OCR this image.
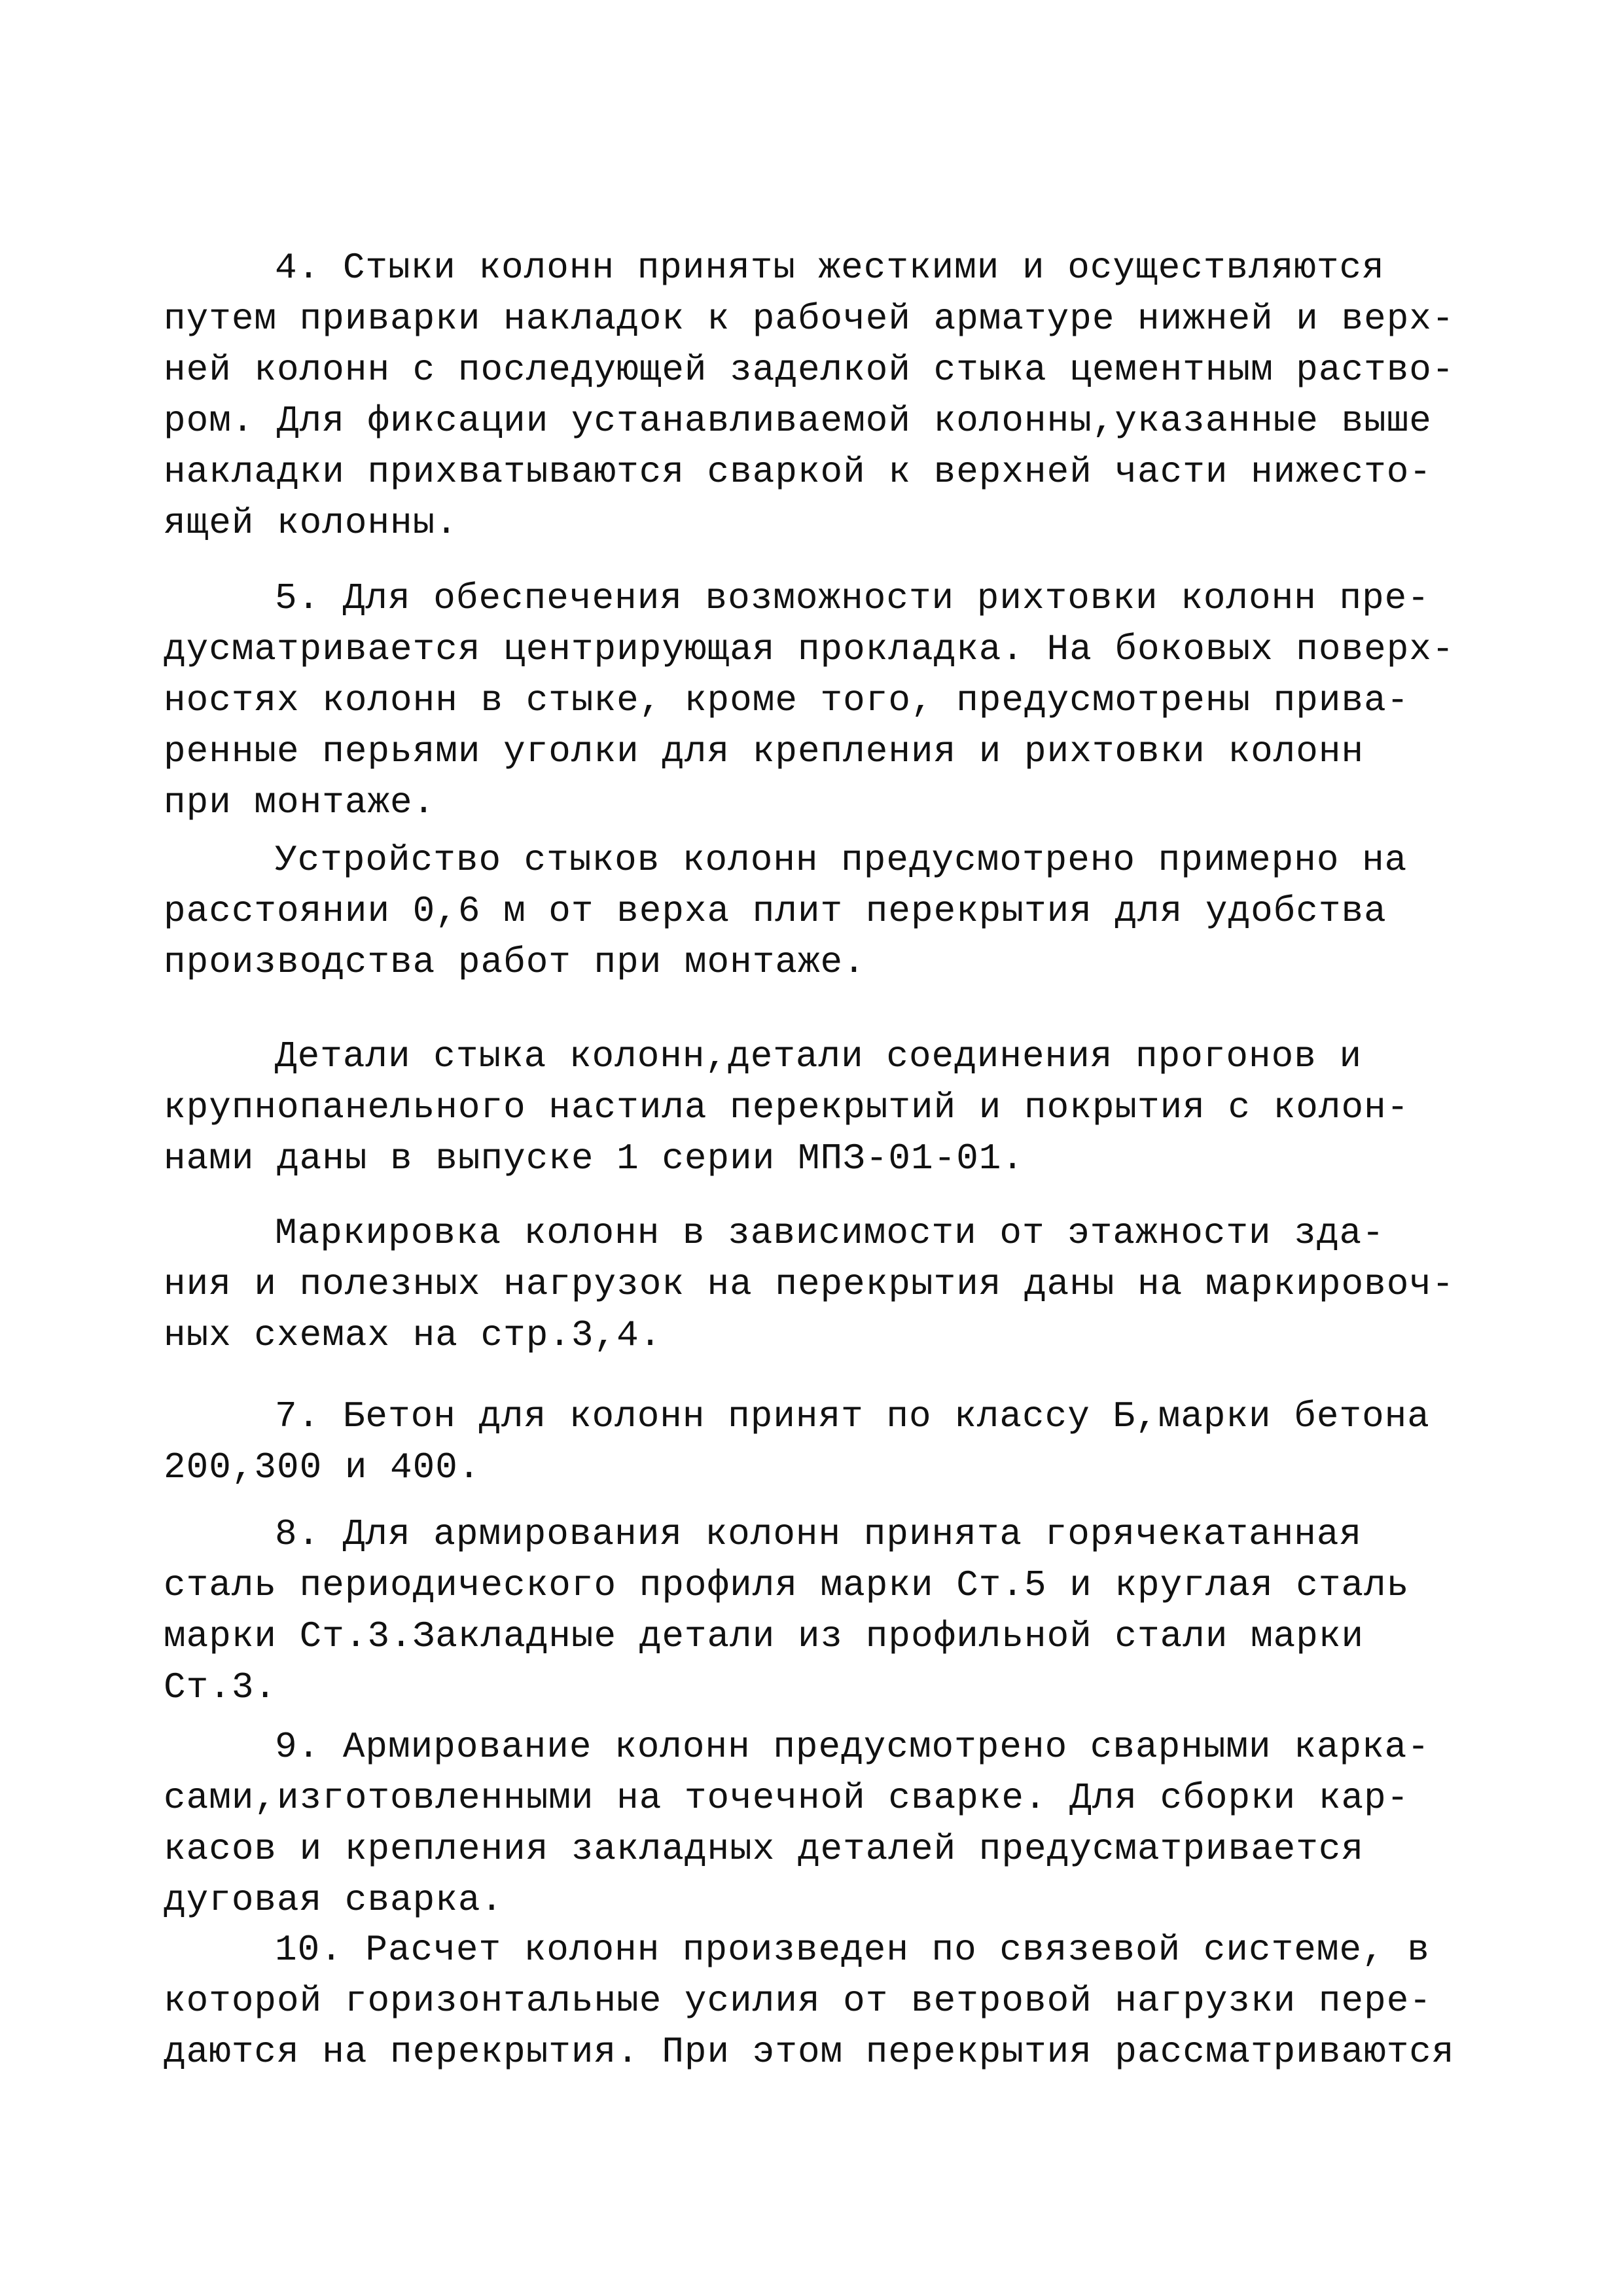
4. Стыки колонн приняты жесткими и осуществляются
путем приварки накладок к рабочей арматуре нижней и верх-
ней колонн с последующей заделкой стыка цементным раство-
ром. Для фиксации устанавливаемой колонны,указанные выше
накладки прихватываются сваркой к верхней части нижесто-
ящей колонны.
5. Для обеспечения возможности рихтовки колонн пре-
дусматривается центрирующая прокладка. На боковых поверх-
ностях колонн в стыке, кроме того, предусмотрены прива-
ренные перьями уголки для крепления и рихтовки колонн
при монтаже.
Устройство стыков колонн предусмотрено примерно на
расстоянии 0,6 м от верха плит перекрытия для удобства
производства работ при монтаже.
Детали стыка колонн,детали соединения прогонов и
крупнопанельного настила перекрытий и покрытия с колон-
нами даны в выпуске 1 серии МПЗ-01-01.
Маркировка колонн в зависимости от этажности зда-
ния и полезных нагрузок на перекрытия даны на маркировоч-
ных схемах на стр.3,4.
7. Бетон для колонн принят по классу Б,марки бетона
200,300 и 400.
8. Для армирования колонн принята горячекатанная
сталь периодического профиля марки Ст.5 и круглая сталь
марки Ст.3.Закладные детали из профильной стали марки
Ст.3.
9. Армирование колонн предусмотрено сварными карка-
сами,изготовленными на точечной сварке. Для сборки кар-
касов и крепления закладных деталей предусматривается
дуговая сварка.
10. Расчет колонн произведен по связевой системе, в
которой горизонтальные усилия от ветровой нагрузки пере-
даются на перекрытия. При этом перекрытия рассматриваются
